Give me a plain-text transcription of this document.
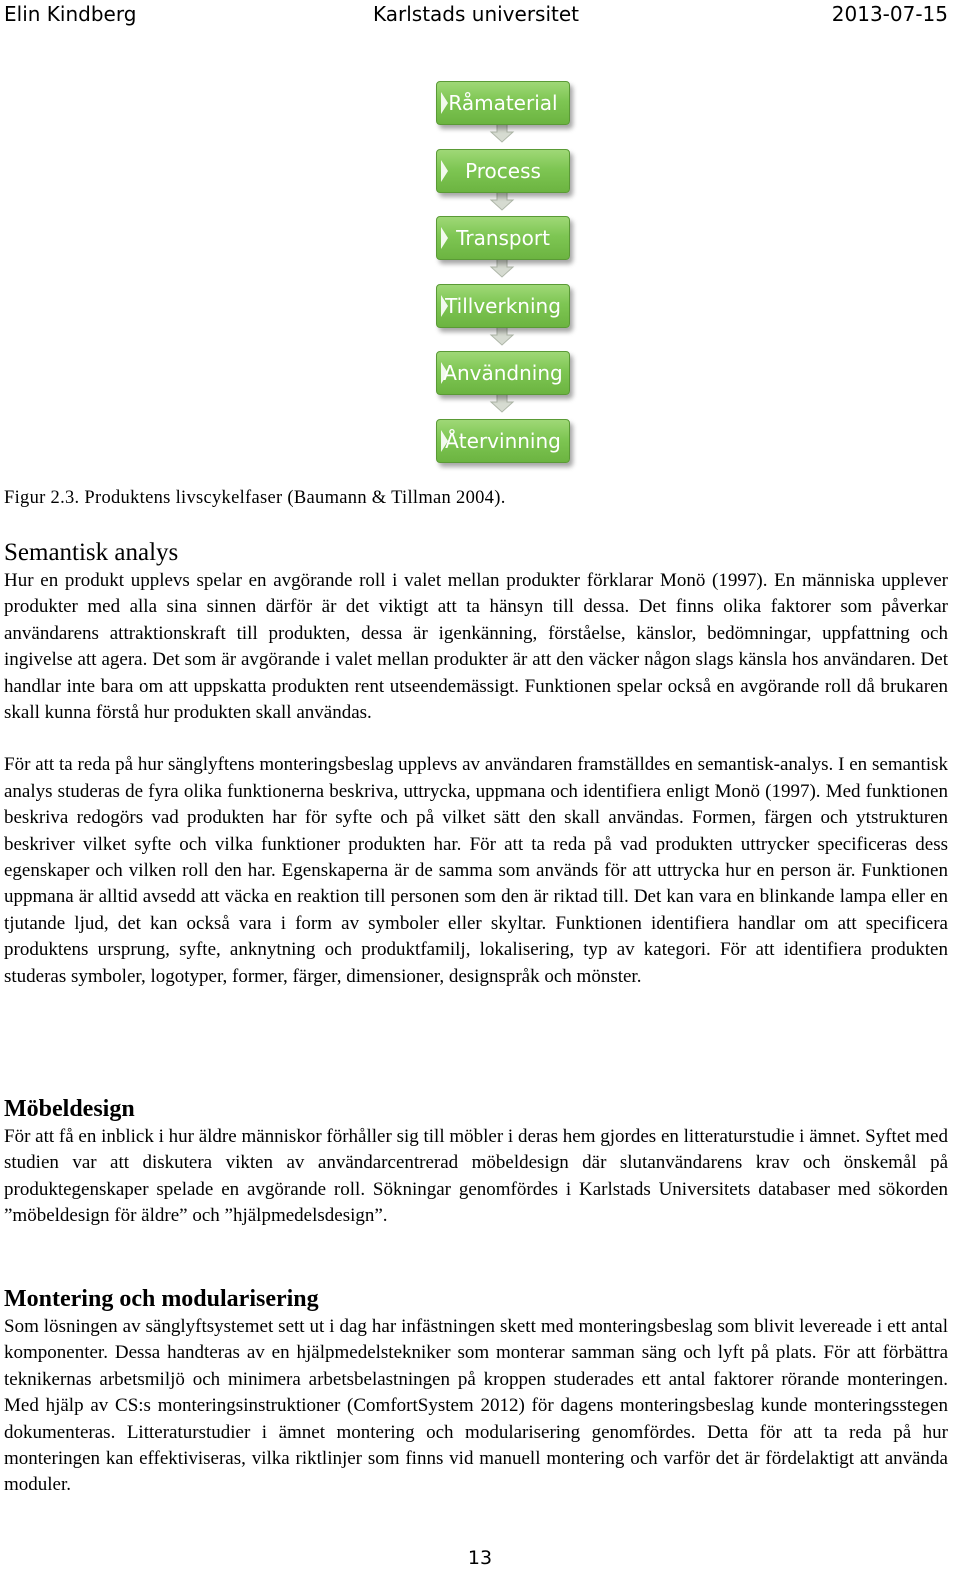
Elin Kindberg	Karlstads universitet	2013-07-15
Råmaterial
Process
Transport
Tillverkning
Användning
Återvinning
Figur 2.3. Produktens livscykelfaser (Baumann & Tillman 2004).
Semantisk analys

Hur en produkt upplevs spelar en avgörande roll i valet mellan produkter förklarar Monö (1997). En människa upplever produkter med alla sina sinnen därför är det viktigt att ta hänsyn till dessa. Det finns olika faktorer som påverkar användarens attraktionskraft till produkten, dessa är igenkänning, förståelse, känslor, bedömningar, uppfattning och ingivelse att agera. Det som är avgörande i valet mellan produkter är att den väcker någon slags känsla hos användaren. Det handlar inte bara om att uppskatta produkten rent utseendemässigt. Funktionen spelar också en avgörande roll då brukaren skall kunna förstå hur produkten skall användas.

För att ta reda på hur sänglyftens monteringsbeslag upplevs av användaren framställdes en semantisk-analys. I en semantisk analys studeras de fyra olika funktionerna beskriva, uttrycka, uppmana och identifiera enligt Monö (1997). Med funktionen beskriva redogörs vad produkten har för syfte och på vilket sätt den skall användas. Formen, färgen och ytstrukturen beskriver vilket syfte och vilka funktioner produkten har. För att ta reda på vad produkten uttrycker specificeras dess egenskaper och vilken roll den har. Egenskaperna är de samma som används för att uttrycka hur en person är. Funktionen uppmana är alltid avsedd att väcka en reaktion till personen som den är riktad till. Det kan vara en blinkande lampa eller en tjutande ljud, det kan också vara i form av symboler eller skyltar. Funktionen identifiera handlar om att specificera produktens ursprung, syfte, anknytning och produktfamilj, lokalisering, typ av kategori. För att identifiera produkten studeras symboler, logotyper, former, färger, dimensioner, designspråk och mönster.

Möbeldesign

För att få en inblick i hur äldre människor förhåller sig till möbler i deras hem gjordes en litteraturstudie i ämnet. Syftet med studien var att diskutera vikten av användarcentrerad möbeldesign där slutanvändarens krav och önskemål på produktegenskaper spelade en avgörande roll. Sökningar genomfördes i Karlstads Universitets databaser med sökorden ”möbeldesign för äldre” och ”hjälpmedelsdesign”.

Montering och modularisering

Som lösningen av sänglyftsystemet sett ut i dag har infästningen skett med monteringsbeslag som blivit levereade i ett antal komponenter. Dessa handteras av en hjälpmedelstekniker som monterar samman säng och lyft på plats. För att förbättra teknikernas arbetsmiljö och minimera arbetsbelastningen på kroppen studerades ett antal faktorer rörande monteringen. Med hjälp av CS:s monteringsinstruktioner (ComfortSystem 2012) för dagens monteringsbeslag kunde monteringsstegen dokumenteras. Litteraturstudier i ämnet montering och modularisering genomfördes. Detta för att ta reda på hur monteringen kan effektiviseras, vilka riktlinjer som finns vid manuell montering och varför det är fördelaktigt att använda moduler.

13
